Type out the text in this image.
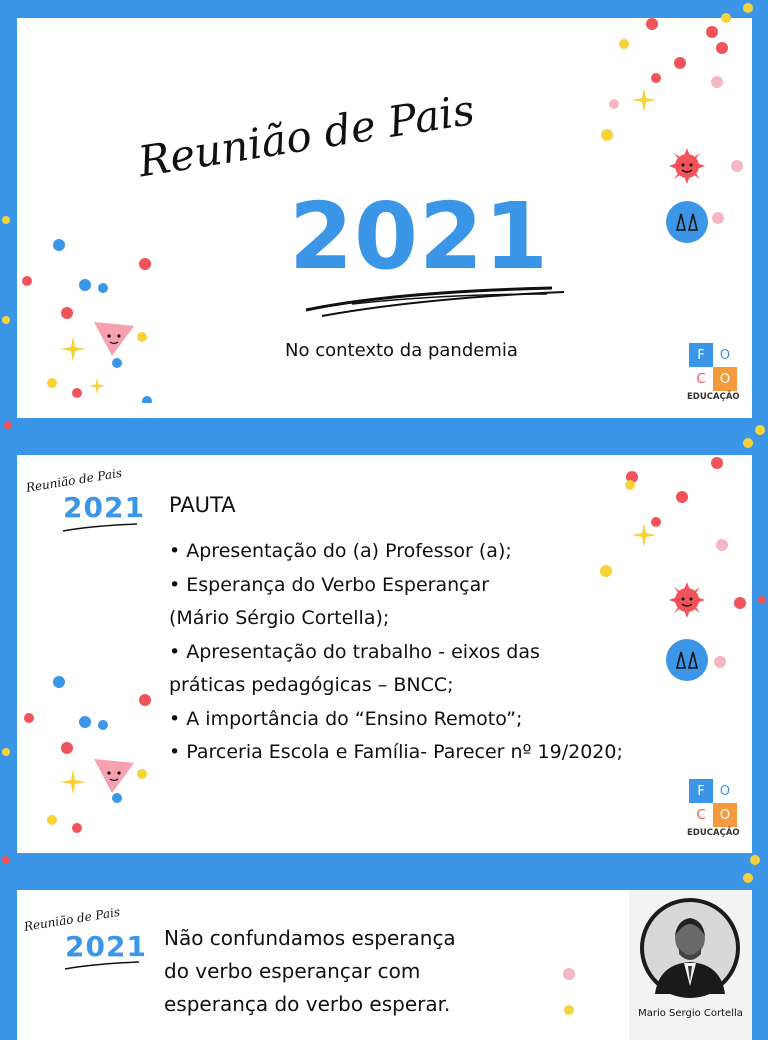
Reunião de Pais
2021
No contexto da pandemia	F	O
C	O
EDUCAÇÃO
Reunião de Pais
2021 PAUTA
• Apresentação do (a) Professor (a);
• Esperança do Verbo Esperançar
(Mário Sérgio Cortella);
• Apresentação do trabalho - eixos das
práticas pedagógicas – BNCC;
• A importância do “Ensino Remoto”;
• Parceria Escola e Família- Parecer nº 19/2020;
F	O
C	O
EDUCAÇÃO
Reunião de Pais
2021 Não confundamos esperança
do verbo esperançar com
esperança do verbo esperar.	Mario Sergio Cortella
